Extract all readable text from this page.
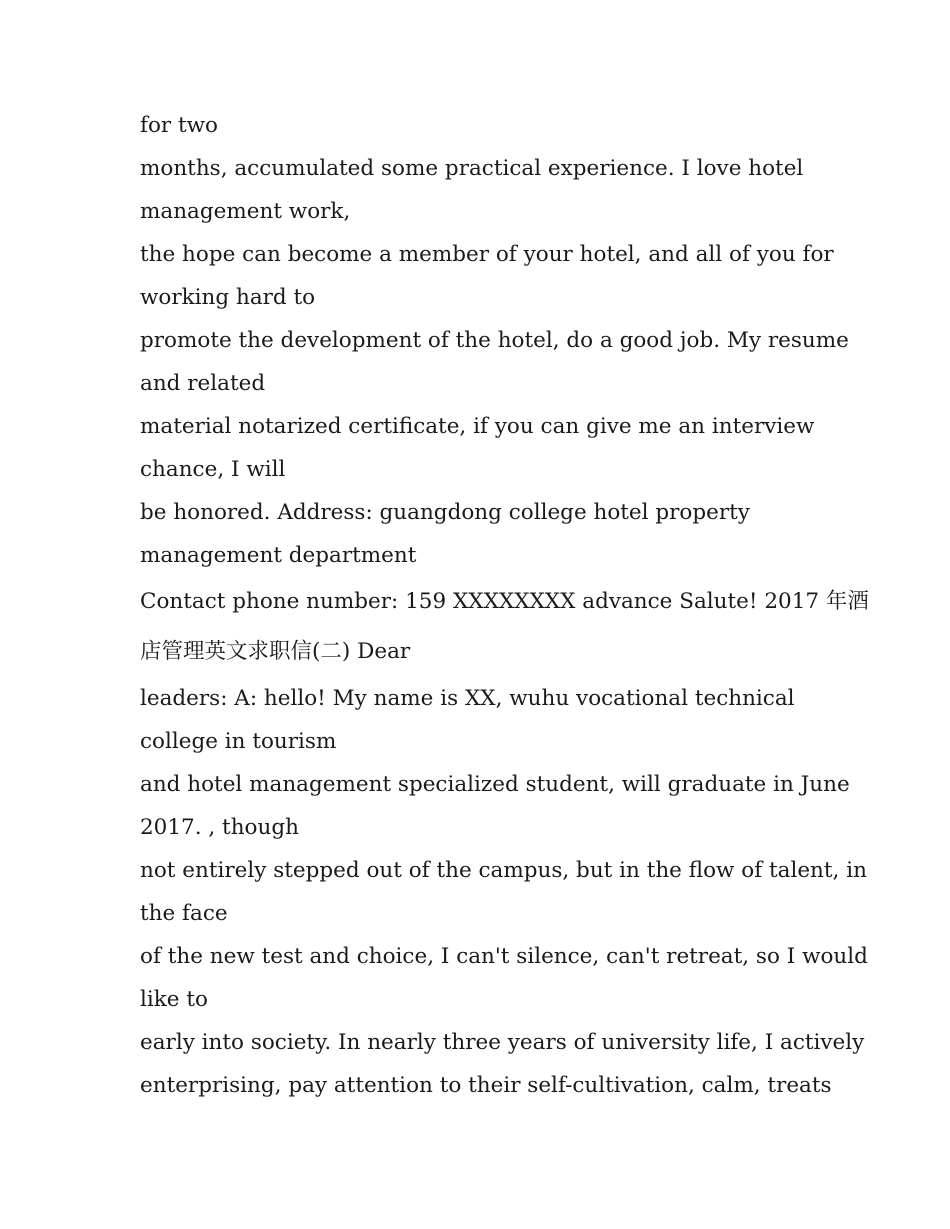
for two
months, accumulated some practical experience. I love hotel
management work,
the hope can become a member of your hotel, and all of you for
working hard to
promote the development of the hotel, do a good job. My resume
and related
material notarized certificate, if you can give me an interview
chance, I will
be honored. Address: guangdong college hotel property
management department
Contact phone number: 159 XXXXXXXX advance Salute! 2017 年酒
店管理英文求职信(二) Dear
leaders: A: hello! My name is XX, wuhu vocational technical
college in tourism
and hotel management specialized student, will graduate in June
2017. , though
not entirely stepped out of the campus, but in the flow of talent, in
the face
of the new test and choice, I can't silence, can't retreat, so I would
like to
early into society. In nearly three years of university life, I actively
enterprising, pay attention to their self-cultivation, calm, treats
